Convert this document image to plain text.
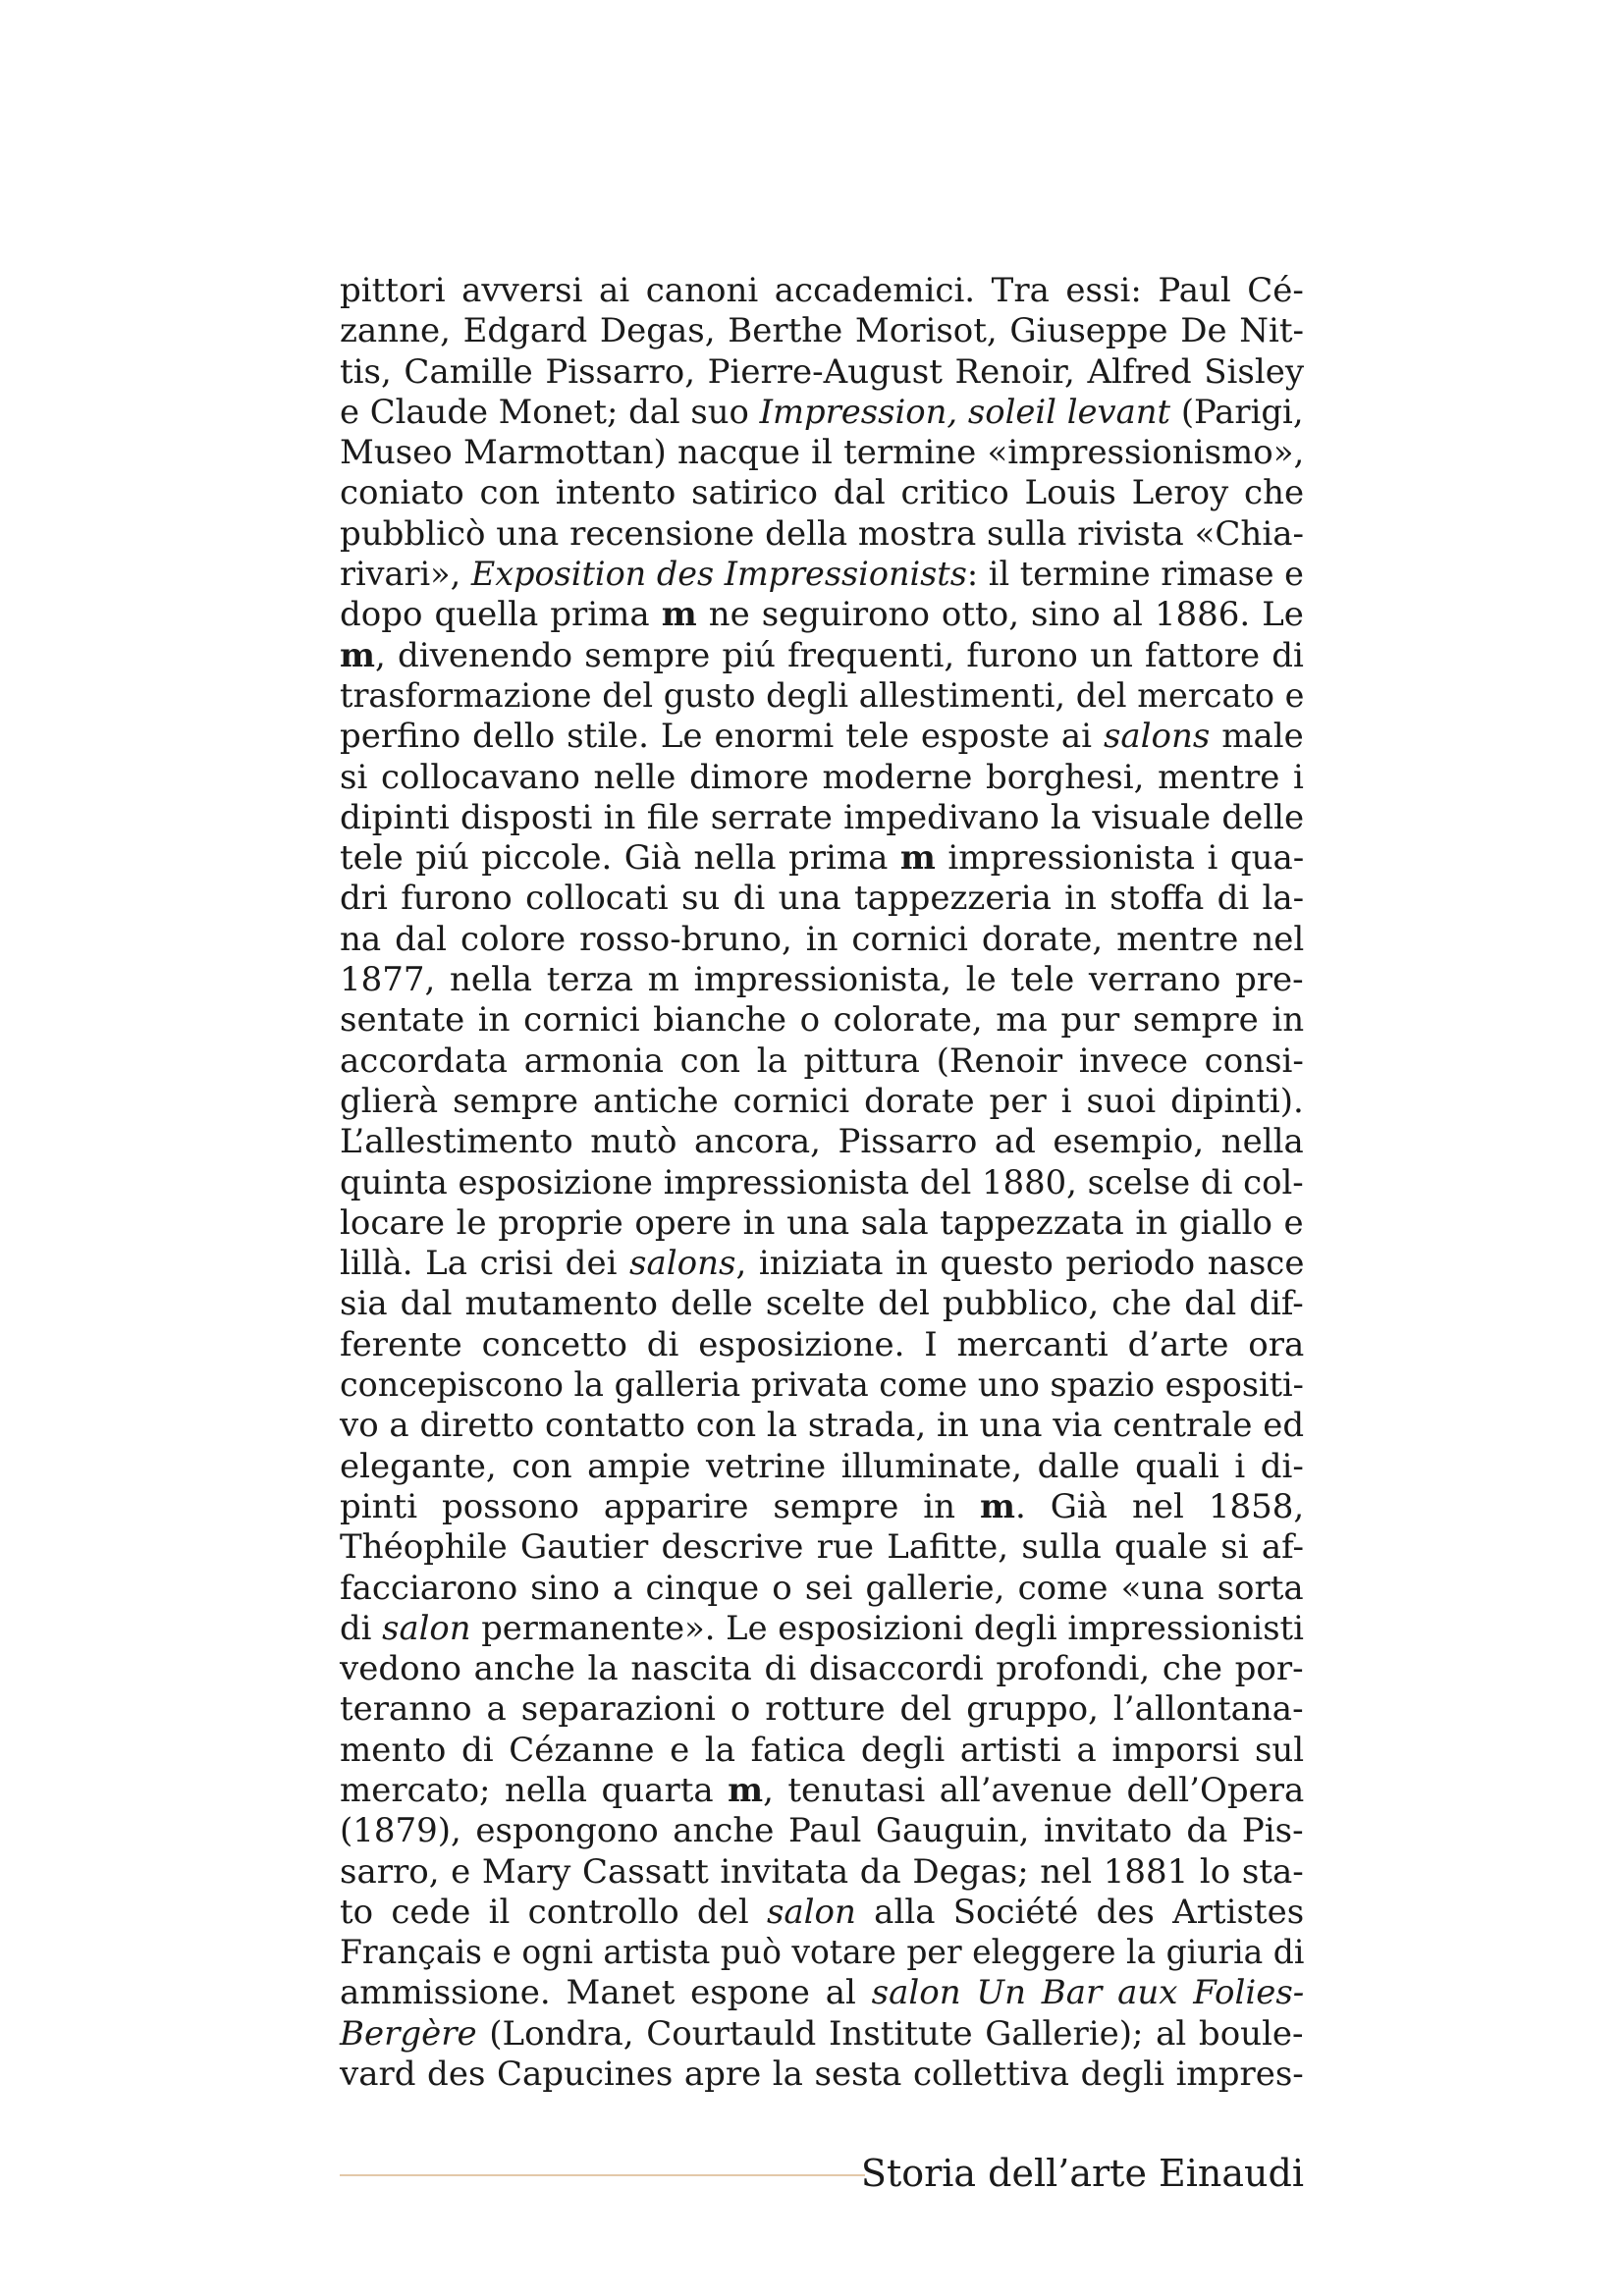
pittori avversi ai canoni accademici. Tra essi: Paul Cé-
zanne, Edgard Degas, Berthe Morisot, Giuseppe De Nit-
tis, Camille Pissarro, Pierre-August Renoir, Alfred Sisley
e Claude Monet; dal suo Impression, soleil levant (Parigi,
Museo Marmottan) nacque il termine «impressionismo»,
coniato con intento satirico dal critico Louis Leroy che
pubblicò una recensione della mostra sulla rivista «Chia-
rivari», Exposition des Impressionists: il termine rimase e
dopo quella prima m ne seguirono otto, sino al 1886. Le
m, divenendo sempre piú frequenti, furono un fattore di
trasformazione del gusto degli allestimenti, del mercato e
perfino dello stile. Le enormi tele esposte ai salons male
si collocavano nelle dimore moderne borghesi, mentre i
dipinti disposti in file serrate impedivano la visuale delle
tele piú piccole. Già nella prima m impressionista i qua-
dri furono collocati su di una tappezzeria in stoffa di la-
na dal colore rosso-bruno, in cornici dorate, mentre nel
1877, nella terza m impressionista, le tele verrano pre-
sentate in cornici bianche o colorate, ma pur sempre in
accordata armonia con la pittura (Renoir invece consi-
glierà sempre antiche cornici dorate per i suoi dipinti).
L’allestimento mutò ancora, Pissarro ad esempio, nella
quinta esposizione impressionista del 1880, scelse di col-
locare le proprie opere in una sala tappezzata in giallo e
lillà. La crisi dei salons, iniziata in questo periodo nasce
sia dal mutamento delle scelte del pubblico, che dal dif-
ferente concetto di esposizione. I mercanti d’arte ora
concepiscono la galleria privata come uno spazio espositi-
vo a diretto contatto con la strada, in una via centrale ed
elegante, con ampie vetrine illuminate, dalle quali i di-
pinti possono apparire sempre in m. Già nel 1858,
Théophile Gautier descrive rue Lafitte, sulla quale si af-
facciarono sino a cinque o sei gallerie, come «una sorta
di salon permanente». Le esposizioni degli impressionisti
vedono anche la nascita di disaccordi profondi, che por-
teranno a separazioni o rotture del gruppo, l’allontana-
mento di Cézanne e la fatica degli artisti a imporsi sul
mercato; nella quarta m, tenutasi all’avenue dell’Opera
(1879), espongono anche Paul Gauguin, invitato da Pis-
sarro, e Mary Cassatt invitata da Degas; nel 1881 lo sta-
to cede il controllo del salon alla Société des Artistes
Français e ogni artista può votare per eleggere la giuria di
ammissione. Manet espone al salon Un Bar aux Folies-
Bergère (Londra, Courtauld Institute Gallerie); al boule-
vard des Capucines apre la sesta collettiva degli impres-
Storia dell’arte Einaudi
